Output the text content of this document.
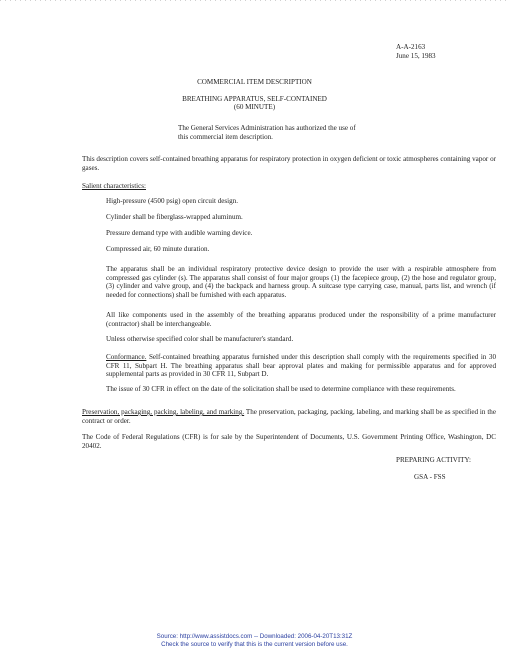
A-A-2163
June 15, 1983
COMMERCIAL ITEM DESCRIPTION
BREATHING APPARATUS, SELF-CONTAINED
(60 MINUTE)
The General Services Administration has authorized the use of
this commercial item description.
This description covers self-contained breathing apparatus for respiratory protection in oxygen deficient or toxic atmospheres containing vapor or gases.
Salient characteristics:
High-pressure (4500 psig) open circuit design.
Cylinder shall be fiberglass-wrapped aluminum.
Pressure demand type with audible warning device.
Compressed air, 60 minute duration.
The apparatus shall be an individual respiratory protective device design to provide the user with a respirable atmosphere from compressed gas cylinder (s). The apparatus shall consist of four major groups (1) the facepiece group, (2) the hose and regulator group, (3) cylinder and valve group, and (4) the backpack and harness group. A suitcase type carrying case, manual, parts list, and wrench (if needed for connections) shall be furnished with each apparatus.
All like components used in the assembly of the breathing apparatus produced under the responsibility of a prime manufacturer (contractor) shall be interchangeable.
Unless otherwise specified color shall be manufacturer's standard.
Conformance. Self-contained breathing apparatus furnished under this description shall comply with the requirements specified in 30 CFR 11, Subpart H. The breathing apparatus shall bear approval plates and making for permissible apparatus and for approved supplemental parts as provided in 30 CFR 11, Subpart D.
The issue of 30 CFR in effect on the date of the solicitation shall be used to determine compliance with these requirements.
Preservation, packaging, packing, labeling, and marking. The preservation, packaging, packing, labeling, and marking shall be as specified in the contract or order.
The Code of Federal Regulations (CFR) is for sale by the Superintendent of Documents, U.S. Government Printing Office, Washington, DC 20402.
PREPARING ACTIVITY:
GSA - FSS
Source: http://www.assistdocs.com -- Downloaded: 2006-04-20T13:31Z
Check the source to verify that this is the current version before use.
